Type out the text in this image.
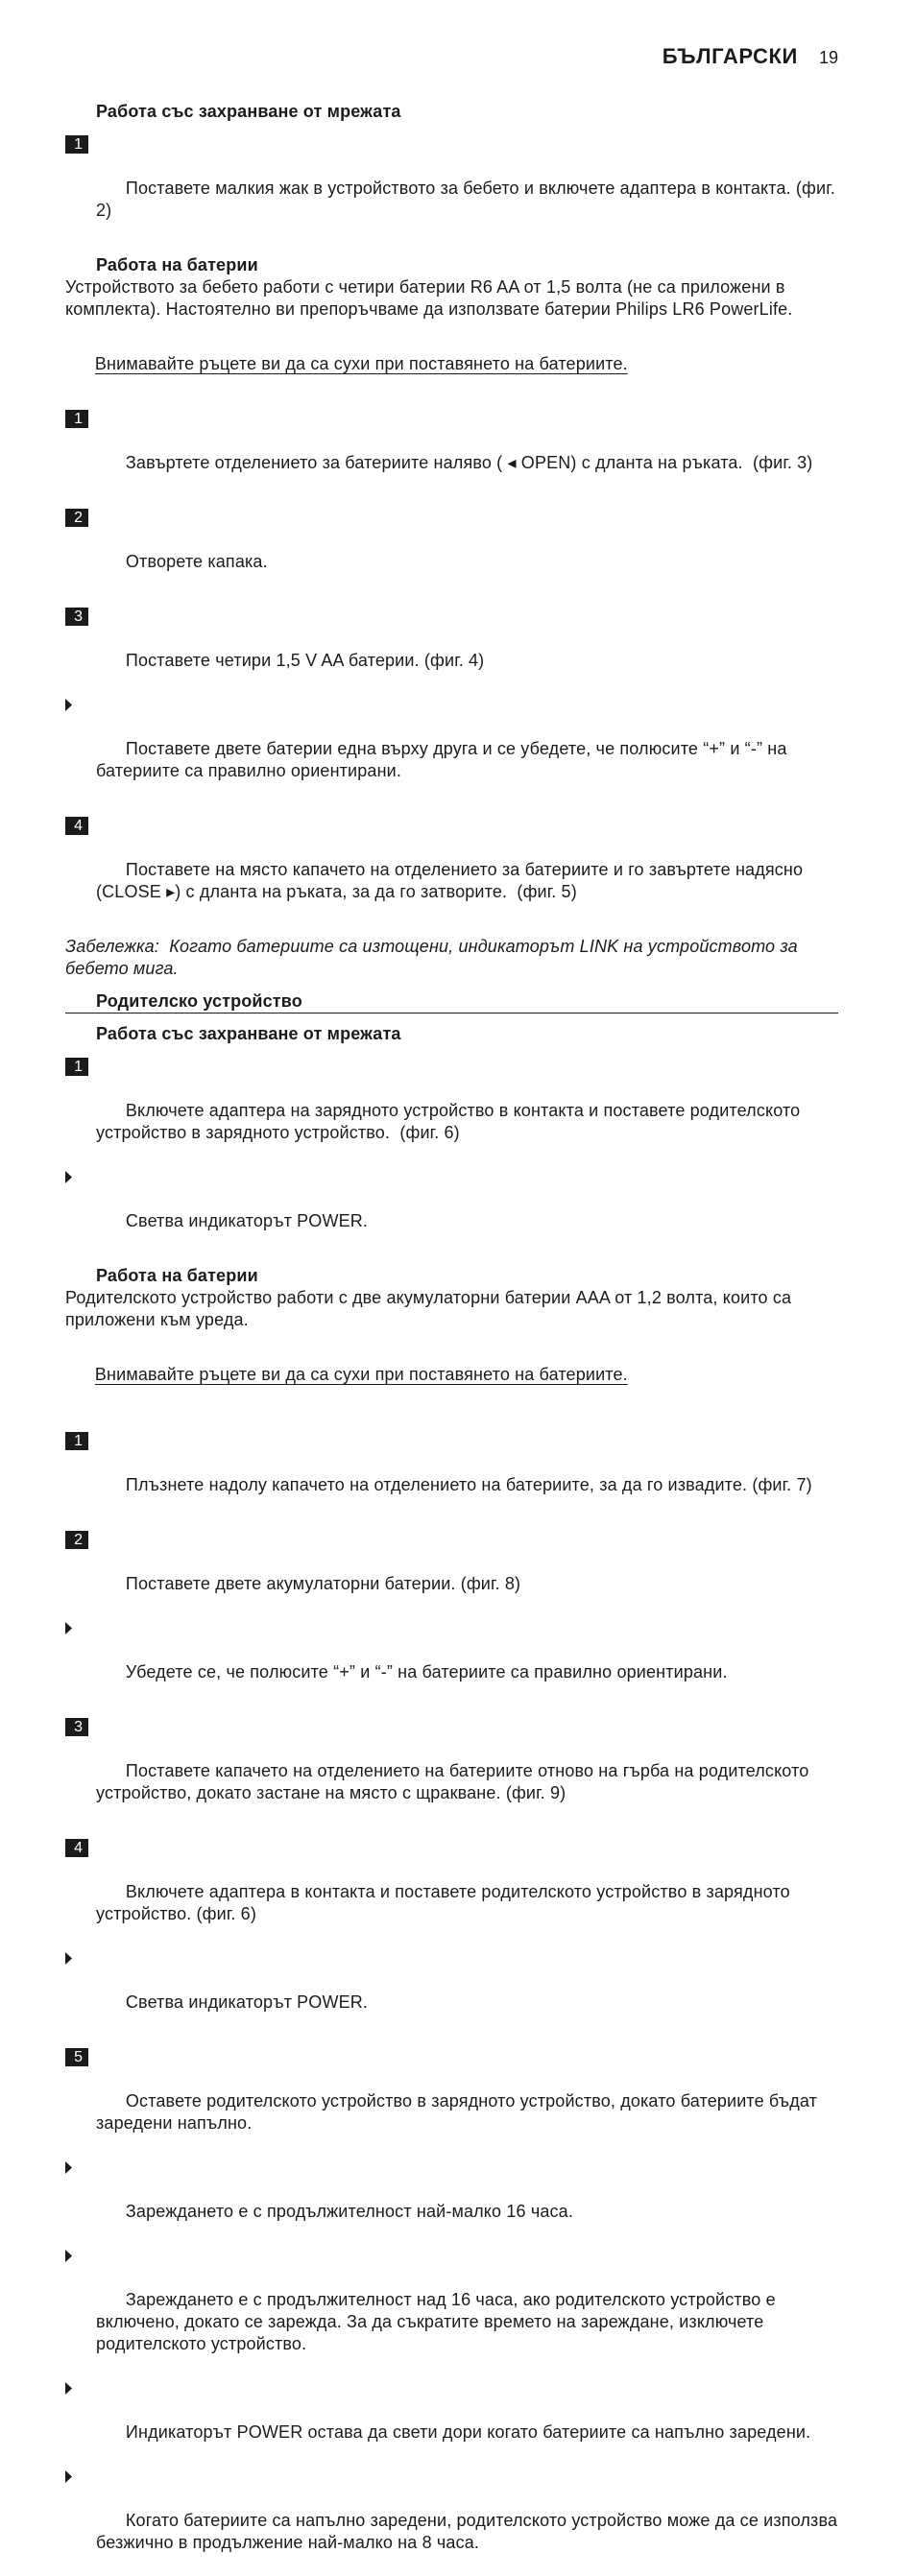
БЪЛГАРСКИ 19
Работа със захранване от мрежата

1

Поставете малкия жак в устройството за бебето и включете адаптера в контакта. (фиг. 2)

Работа на батерии
Устройството за бебето работи с четири батерии R6 AA от 1,5 волта (не са приложени в комплекта). Настоятелно ви препоръчваме да използвате батерии Philips LR6 PowerLife.

Внимавайте ръцете ви да са сухи при поставянето на батериите.

1

Завъртете отделението за батериите наляво ( ◂ OPEN) с дланта на ръката.  (фиг. 3)

2

Отворете капака.

3

Поставете четири 1,5 V AA батерии. (фиг. 4)

Поставете двете батерии една върху друга и се убедете, че полюсите “+” и “-” на батериите са правилно ориентирани.

4

Поставете на място капачето на отделението за батериите и го завъртете надясно (CLOSE ▸) с дланта на ръката, за да го затворите.  (фиг. 5)

Забележка:  Когато батериите са изтощени, индикаторът LINK на устройството за бебето мига.
Родителско устройство
Работа със захранване от мрежата

1

Включете адаптера на зарядното устройство в контакта и поставете родителското устройство в зарядното устройство.  (фиг. 6)

Светва индикаторът POWER.

Работа на батерии
Родителското устройство работи с две акумулаторни батерии AAA от 1,2 волта, които са приложени към уреда.

Внимавайте ръцете ви да са сухи при поставянето на батериите.

1

Плъзнете надолу капачето на отделението на батериите, за да го извадите. (фиг. 7)

2

Поставете двете акумулаторни батерии. (фиг. 8)

Убедете се, че полюсите “+” и “-” на батериите са правилно ориентирани.

3

Поставете капачето на отделението на батериите отново на гърба на родителското устройство, докато застане на място с щракване. (фиг. 9)

4

Включете адаптера в контакта и поставете родителското устройство в зарядното устройство. (фиг. 6)

Светва индикаторът POWER.

5

Оставете родителското устройство в зарядното устройство, докато батериите бъдат заредени напълно.

Зареждането е с продължителност най-малко 16 часа.

Зареждането е с продължителност над 16 часа, ако родителското устройство е включено, докато се зарежда. За да съкратите времето на зареждане, изключете родителското устройство.

Индикаторът POWER остава да свети дори когато батериите са напълно заредени.

Когато батериите са напълно заредени, родителското устройство може да се използва безжично в продължение най-малко на 8 часа.
